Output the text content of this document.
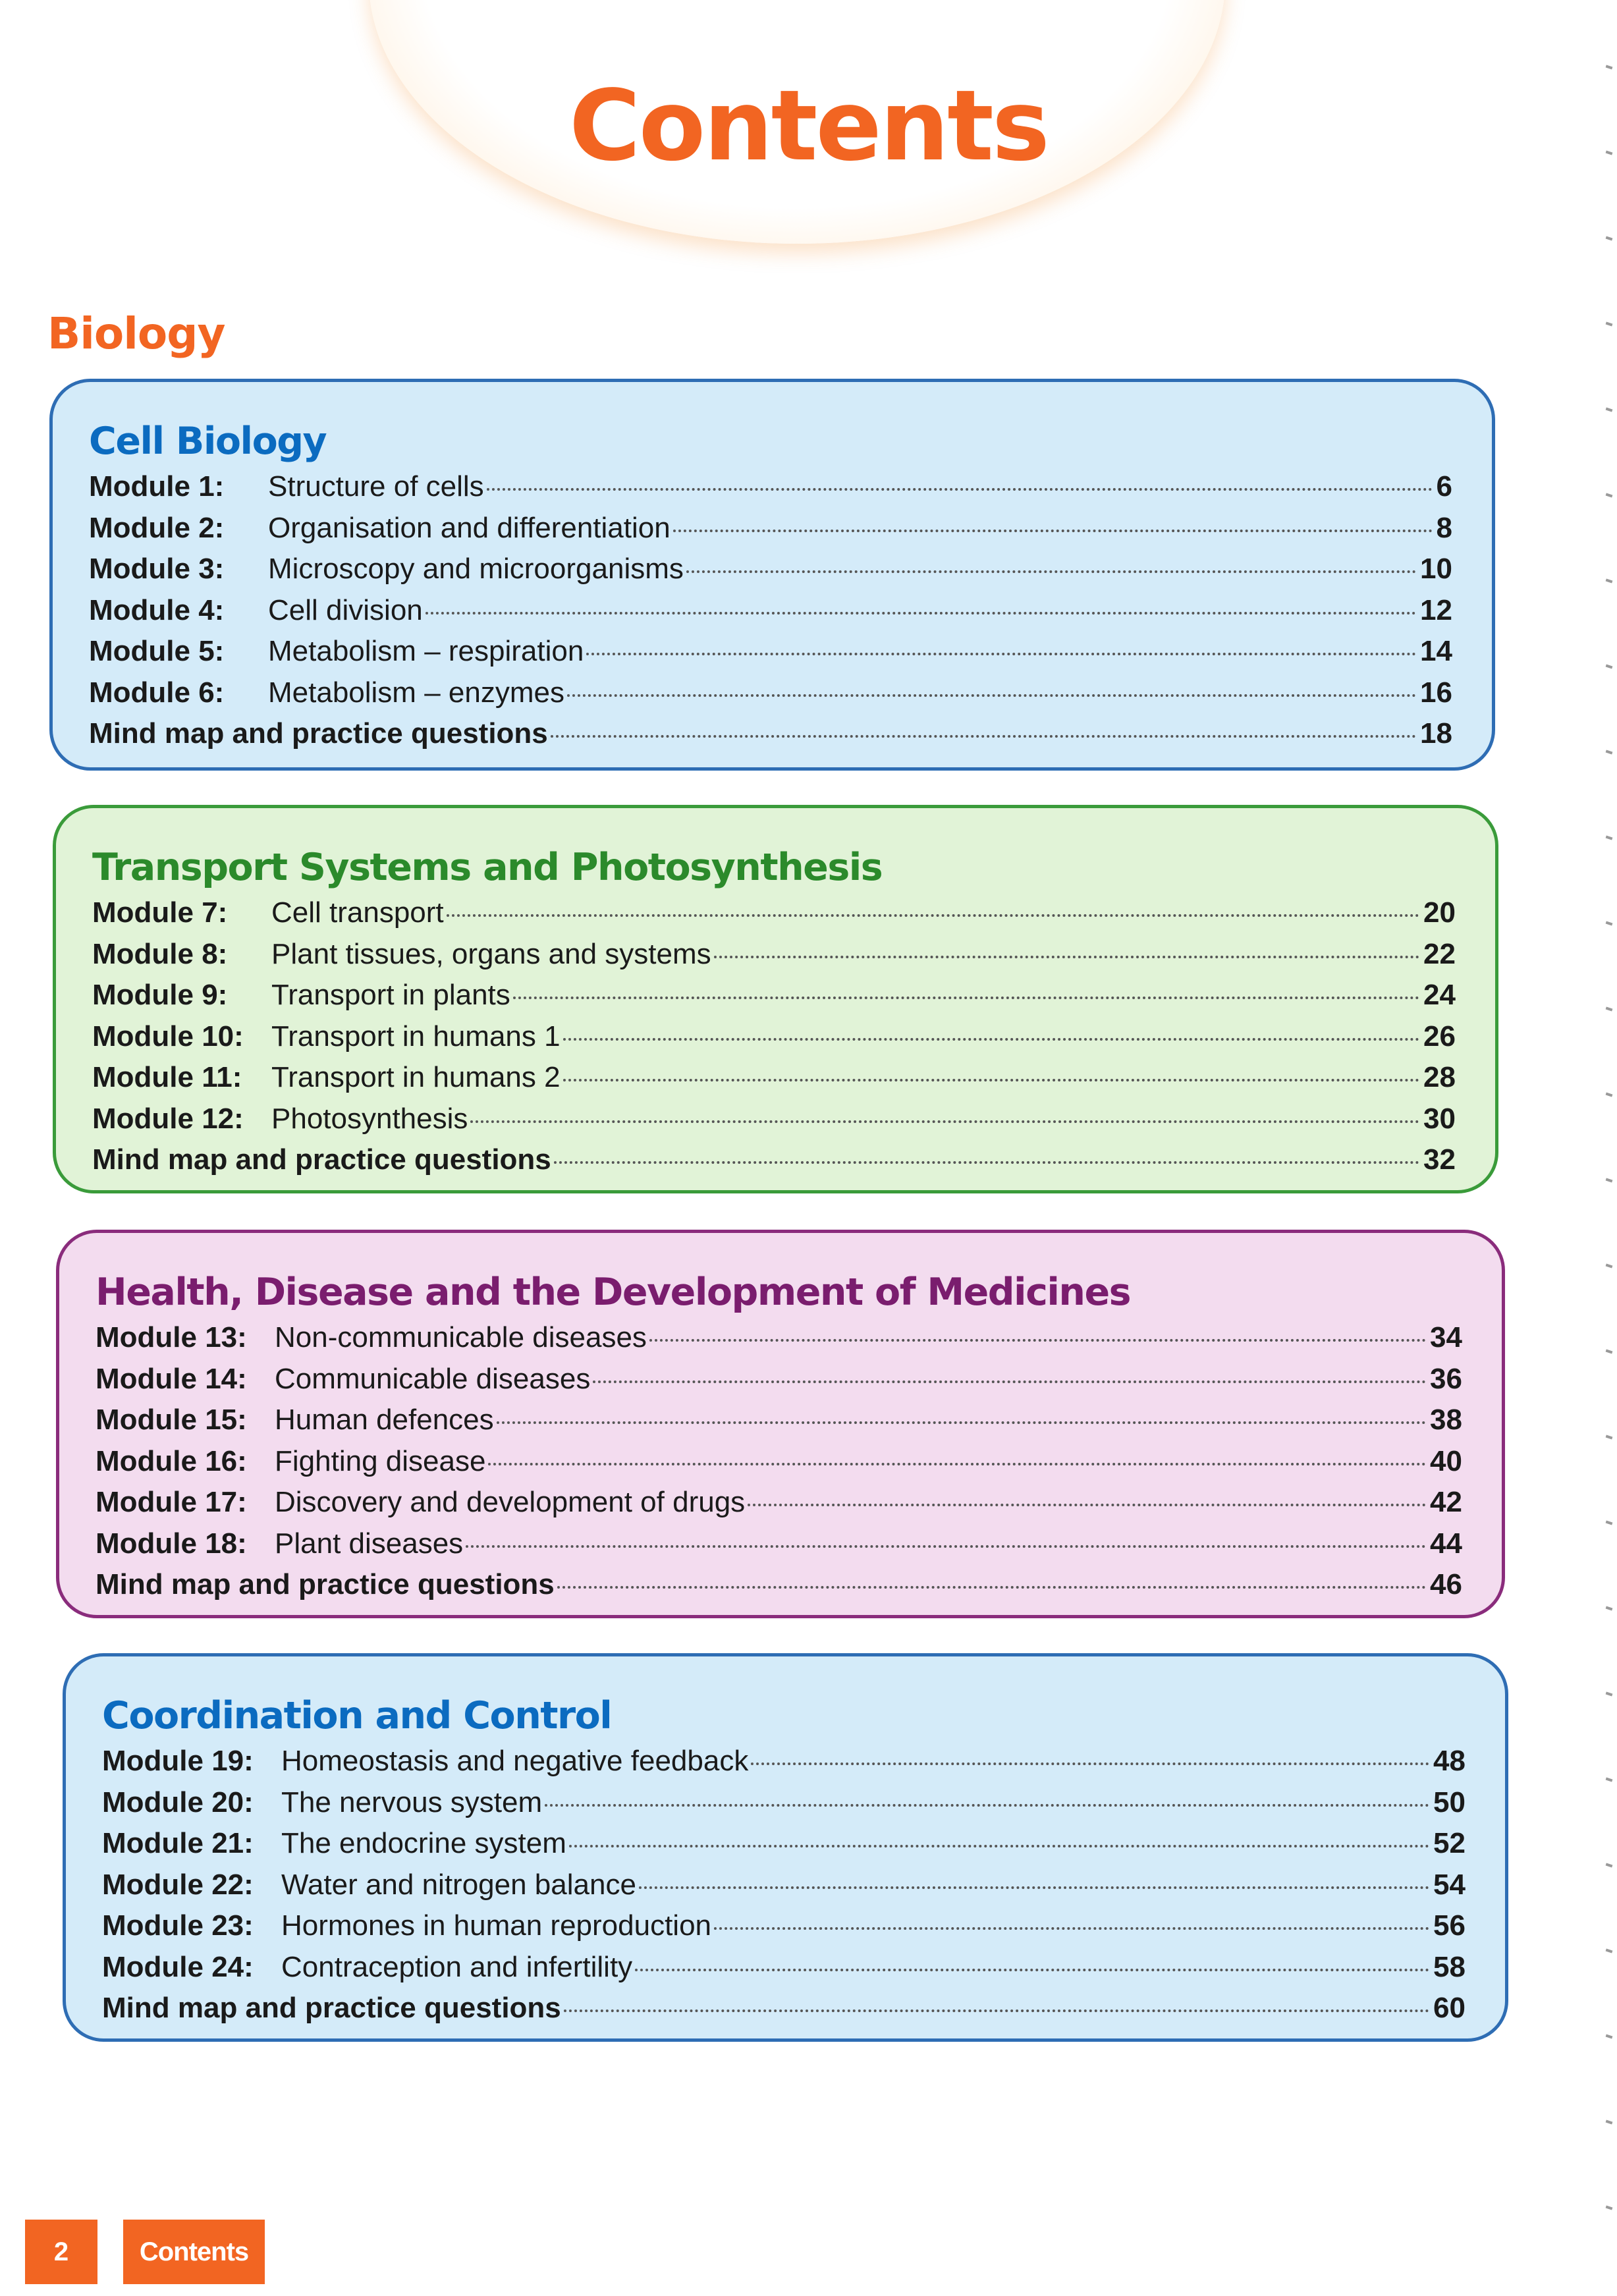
Contents
Biology
Cell Biology
Module 1:	Structure of cells	6
Module 2:	Organisation and differentiation	8
Module 3:	Microscopy and microorganisms	10
Module 4:	Cell division	12
Module 5:	Metabolism – respiration	14
Module 6:	Metabolism – enzymes	16
Mind map and practice questions	18
Transport Systems and Photosynthesis
Module 7:	Cell transport	20
Module 8:	Plant tissues, organs and systems	22
Module 9:	Transport in plants	24
Module 10: Transport in humans 1	26
Module 11:	Transport in humans 2	28
Module 12: Photosynthesis	30
Mind map and practice questions	32
Health, Disease and the Development of Medicines
Module 13: Non-communicable diseases	34
Module 14: Communicable diseases	36
Module 15: Human defences	38
Module 16: Fighting disease	40
Module 17: Discovery and development of drugs	42
Module 18: Plant diseases	44
Mind map and practice questions	46
Coordination and Control
Module 19: Homeostasis and negative feedback	48
Module 20: The nervous system	50
Module 21: The endocrine system	52
Module 22: Water and nitrogen balance	54
Module 23: Hormones in human reproduction	56
Module 24: Contraception and infertility	58
Mind map and practice questions	60
2	Contents
